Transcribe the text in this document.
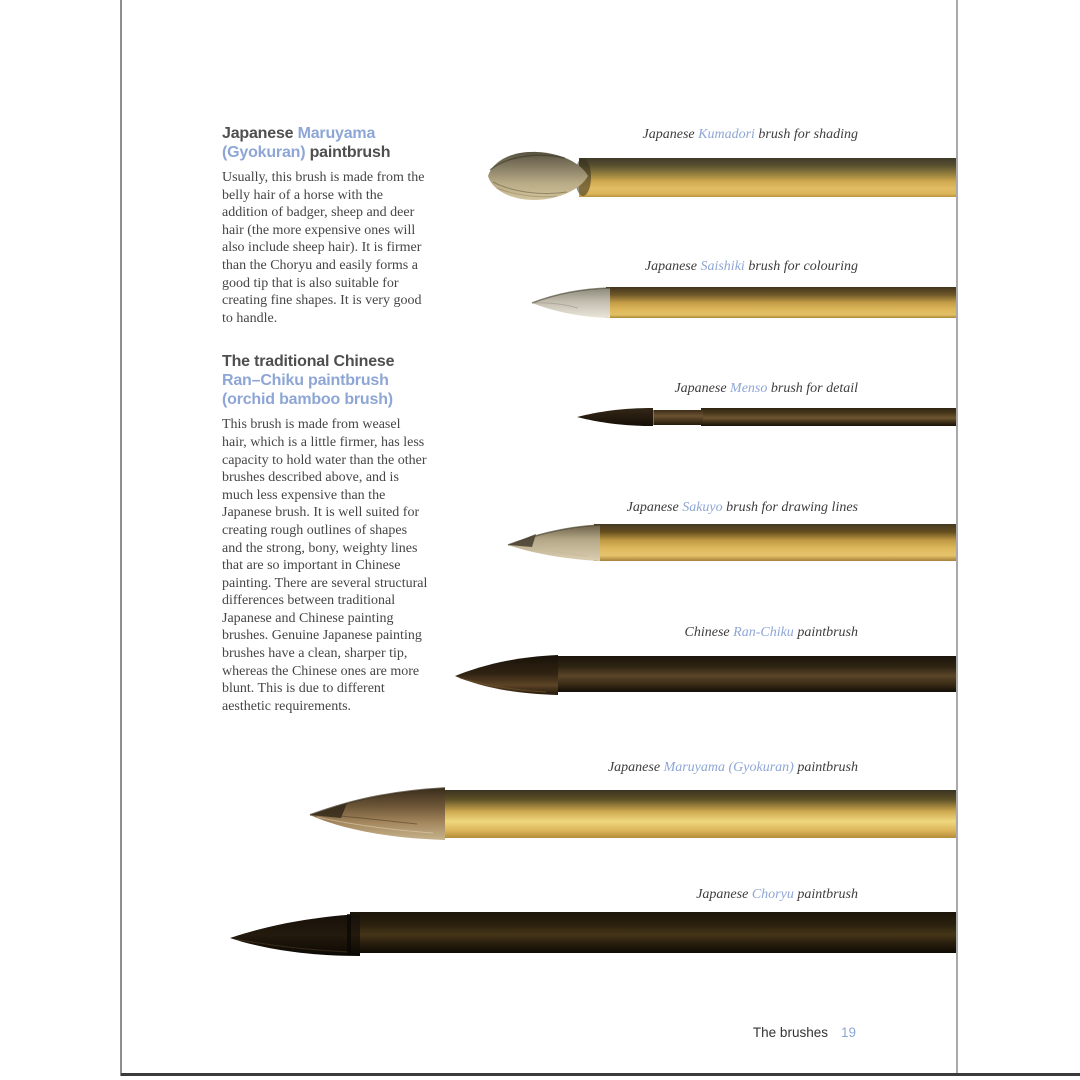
Japanese Maruyama (Gyokuran) paintbrush

Usually, this brush is made from the belly hair of a horse with the addition of badger, sheep and deer hair (the more expensive ones will also include sheep hair). It is firmer than the Choryu and easily forms a good tip that is also suitable for creating fine shapes. It is very good to handle.

The traditional Chinese Ran–Chiku paintbrush (orchid bamboo brush)

This brush is made from weasel hair, which is a little firmer, has less capacity to hold water than the other brushes described above, and is much less expensive than the Japanese brush. It is well suited for creating rough outlines of shapes and the strong, bony, weighty lines that are so important in Chinese painting. There are several structural differences between traditional Japanese and Chinese painting brushes. Genuine Japanese painting brushes have a clean, sharper tip, whereas the Chinese ones are more blunt. This is due to different aesthetic requirements.

Japanese Kumadori brush for shading
Japanese Saishiki brush for colouring
Japanese Menso brush for detail
Japanese Sakuyo brush for drawing lines
Chinese Ran-Chiku paintbrush
Japanese Maruyama (Gyokuran) paintbrush
Japanese Choryu paintbrush
The brushes 19
